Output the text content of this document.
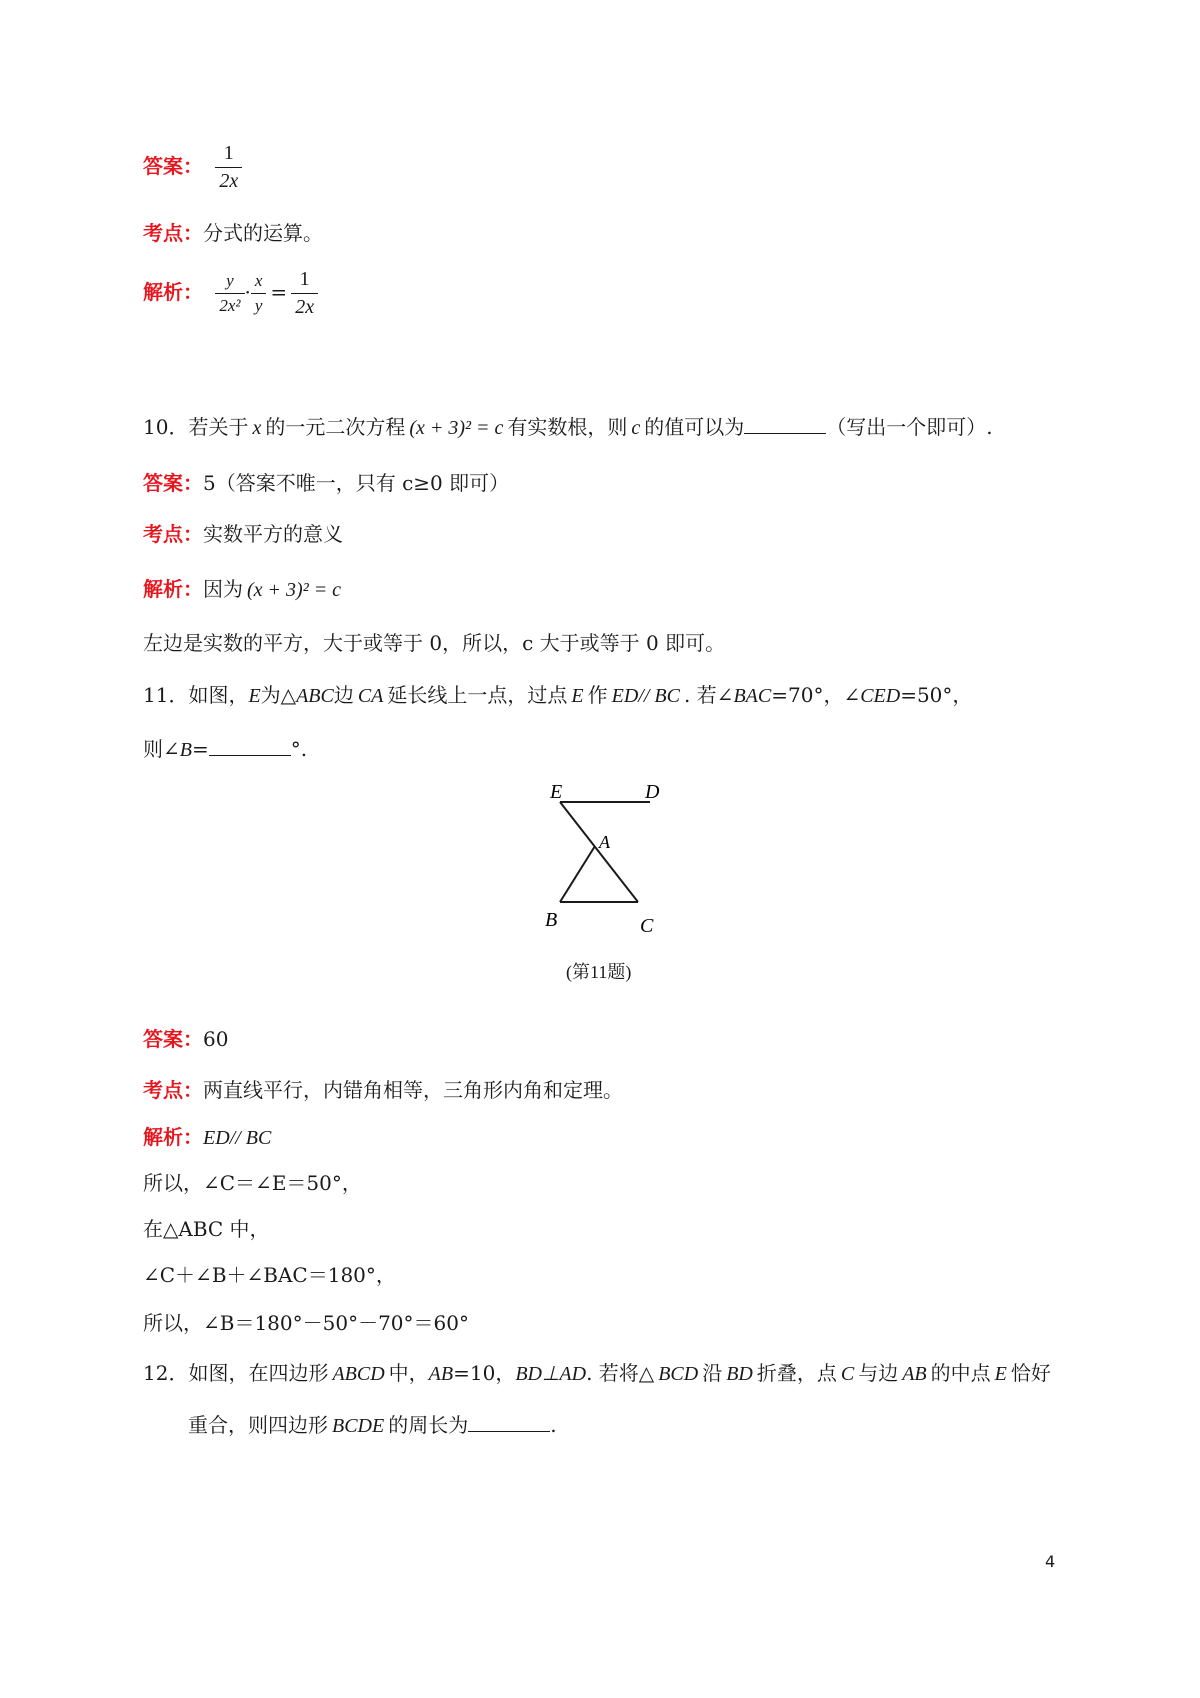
答案： $\frac{1}{2x}$
考点：分式的运算。
解析： $\frac{y}{\text{2x²}} \cdot \frac{x}{y} = \frac{1}{2x}$
10．若关于 x 的一元二次方程 (x + 3)² = c 有实数根，则 c 的值可以为	（写出一个即可）.
答案：5（答案不唯一，只有 c≥0 即可）
考点：实数平方的意义
解析：因为 (x + 3)² = c
左边是实数的平方，大于或等于 0，所以，c 大于或等于 0 即可。
11．如图，E为△ABC边 CA 延长线上一点，过点 E 作 ED// BC . 若∠BAC=70°，∠CED=50°，
则∠B=	°.
E	D
A
B	C
(第11题)
答案：60
考点：两直线平行，内错角相等，三角形内角和定理。
解析：ED// BC
所以，∠C＝∠E＝50°，
在△ABC 中，
∠C＋∠B＋∠BAC＝180°，
所以，∠B＝180°－50°－70°＝60°
12．如图，在四边形 ABCD 中，AB=10，BD⊥AD. 若将△ BCD 沿 BD 折叠，点 C 与边 AB 的中点 E 恰好
重合，则四边形 BCDE 的周长为	.
4
